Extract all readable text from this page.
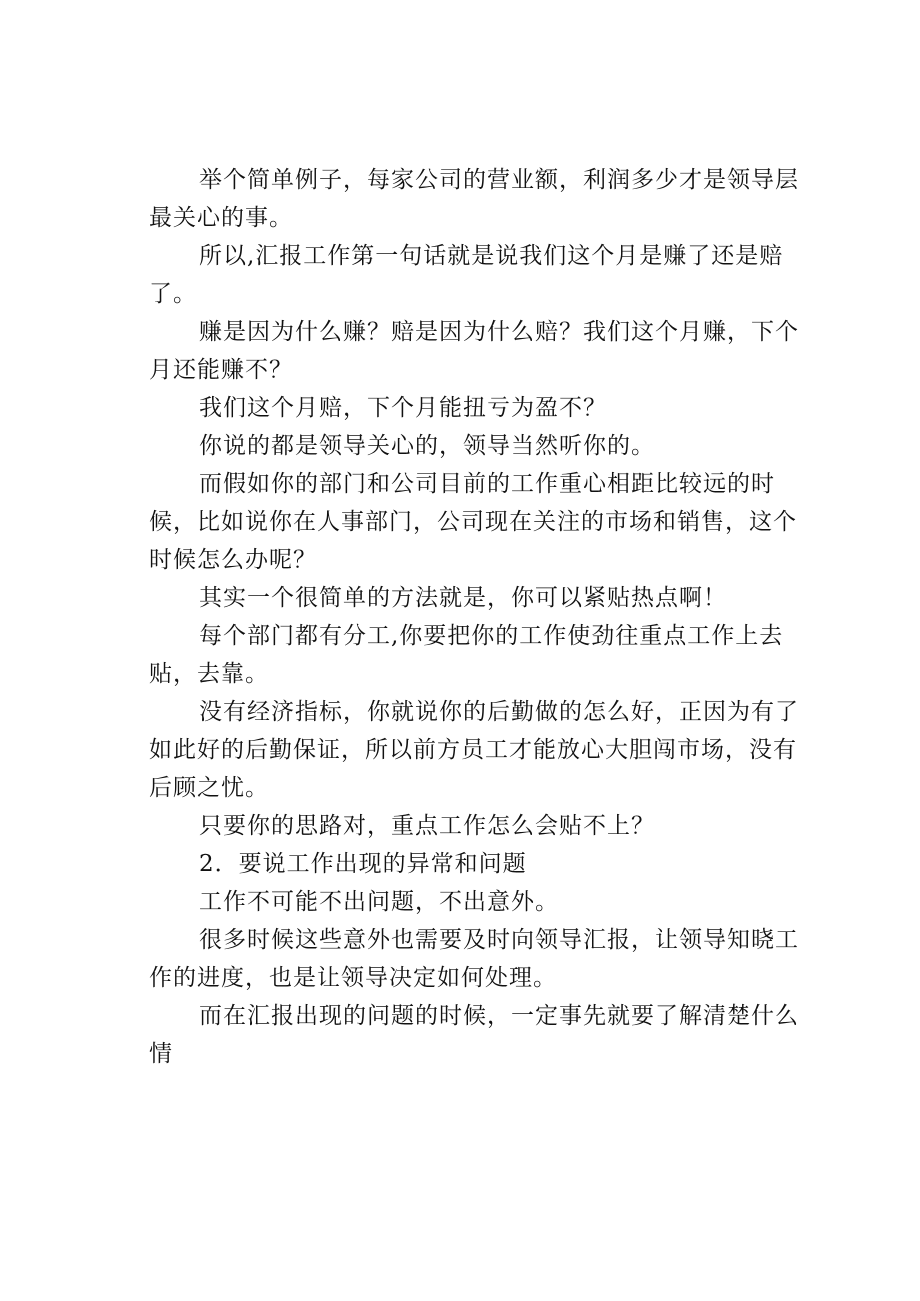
举个简单例子，每家公司的营业额，利润多少才是领导层最关心的事。

所以,汇报工作第一句话就是说我们这个月是赚了还是赔了。

赚是因为什么赚？赔是因为什么赔？我们这个月赚，下个月还能赚不？

我们这个月赔，下个月能扭亏为盈不？

你说的都是领导关心的，领导当然听你的。

而假如你的部门和公司目前的工作重心相距比较远的时候，比如说你在人事部门，公司现在关注的市场和销售，这个时候怎么办呢？

其实一个很简单的方法就是，你可以紧贴热点啊！

每个部门都有分工,你要把你的工作使劲往重点工作上去贴，去靠。

没有经济指标，你就说你的后勤做的怎么好，正因为有了如此好的后勤保证，所以前方员工才能放心大胆闯市场，没有后顾之忧。

只要你的思路对，重点工作怎么会贴不上？

2．要说工作出现的异常和问题

工作不可能不出问题，不出意外。

很多时候这些意外也需要及时向领导汇报，让领导知晓工作的进度，也是让领导决定如何处理。

而在汇报出现的问题的时候，一定事先就要了解清楚什么情
